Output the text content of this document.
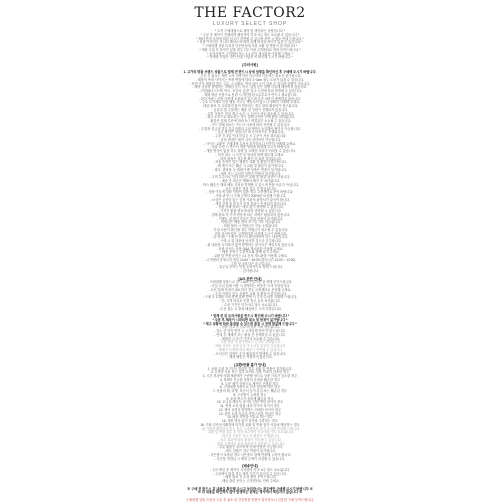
THE FACTOR2
LUXURY SELECT SHOP

* 오직 구매대행으로 제작 및 생산되는 상품입니다 *

* 주문 후 제작이 진행되며 배송까지 약 2~4주 정도 소요될 수 있습니다 *

* 해외 현지 사정에 따라 입고가 지연될 수 있으며 지연 시 별도 안내 드립니다 *

* 상품 이미지는 모니터 해상도에 따라 실제 색상과 차이가 있을 수 있습니다 *

* 구매대행 상품 특성상 단순변심에 의한 교환 및 반품이 불가합니다 *

* 제품 수령 후 하자가 있을 경우 7일 이내 고객센터로 연락 부탁드립니다 *

* 문의사항은 고객센터 또는 1:1 문의 게시판을 이용해 주세요 *

* 자세한 사항은 하단 안내 사항을 꼭 확인해 주시기 바랍니다 *

[주의사항]

1. 고가의 명품 브랜드 상품으로 결제 전 반드시 상세 설명을 확인하신 후 구매해 주시기 바랍니다.

- 주문 후 취소는 제작 시작 전까지만 가능하며 이후에는 취소가 불가합니다.

- 제품의 측정 사이즈는 측정 방법에 따라 1~3cm 정도 오차가 있을 수 있습니다.

- 천연 가죽 제품의 경우 주름, 스크래치, 색상 차이 등이 있을 수 있으며 불량이 아닙니다.

- 제작 공정상 발생하는 미세한 본드 자국, 실밥 등은 불량 사유에 해당하지 않습니다.

- 구성품(더스트백, 박스, 보증서 등)은 입고 시점에 따라 변경될 수 있습니다.

- 해외 배송 상품으로 통관 시 개인통관고유부호가 반드시 필요합니다.

- 관부가세는 상품 가격에 포함되어 있으며 추가 비용이 발생하지 않습니다.

- 주소 오기재로 인한 배송 사고는 책임지지 않으니 정확히 기재해 주세요.

- 배송 완료 후 수령하지 않아 반송되는 경우 왕복 배송비가 청구됩니다.

- 공휴일 및 주말에는 배송 및 상담이 진행되지 않습니다.

- 일부 상품은 현지 재고 소진 시 주문이 자동 취소될 수 있습니다.

- 재고 소진으로 취소되는 경우 결제 금액은 전액 환불 처리됩니다.

- 환불은 결제 수단에 따라 3~7 영업일이 소요될 수 있습니다.

- 카드 결제 취소는 카드사 사정에 따라 지연될 수 있습니다.

- 무통장 입금의 경우 입금자명과 주문자명이 동일해야 확인이 가능합니다.

- 입금 확인은 영업시간 내 순차적으로 진행됩니다.

- 주문 후 3일 이내 미입금 시 주문이 자동 취소됩니다.

- 옵션 변경은 제작 시작 전까지만 가능합니다.

- 사이즈 교환은 구매대행 특성상 불가하오니 신중히 선택해 주세요.

- 상품 수령 시 반드시 개봉 영상을 촬영해 주시기 바랍니다.

- 개봉 영상이 없을 경우 불량 및 오배송 처리가 어려울 수 있습니다.

- 하자 접수 시 사진 및 영상을 함께 첨부해 주세요.

- 하자 판정은 검수팀 확인 후 최종 결정됩니다.

- 착용 흔적이 있는 제품은 교환 및 환불이 불가합니다.

- 택 제거 또는 훼손 시 교환 및 환불이 불가합니다.

- 향수, 화장품 등 냄새가 밴 상품은 반품이 불가합니다.

- 세탁 또는 수선한 상품은 반품이 불가합니다.

- 고객 부주의로 인한 파손은 교환 및 환불 대상이 아닙니다.

- 배송 중 파손은 택배사 확인 후 처리됩니다.

- 박스 훼손은 해외 배송 특성상 발생할 수 있으며 반품 사유가 아닙니다.

- 모든 상품은 정품 검수 후 발송됩니다.

- 정품 여부에 대한 의심이 있을 경우 고객센터로 문의 바랍니다.

- 가품 판정 시 구매 금액의 200%를 보상해 드립니다.

- 보상은 공신력 있는 감정 기관의 판정서가 있어야 합니다.

- 개인 감정 및 비공식 감정 결과는 인정되지 않습니다.

- 상품 상세 정보는 예고 없이 변경될 수 있습니다.

- 가격은 환율 변동에 따라 변경될 수 있습니다.

- 결제 완료 후 가격 변동에 따른 차액은 환불되지 않습니다.

- 이벤트 및 할인 쿠폰은 중복 적용이 불가합니다.

- 적립금은 배송 완료 후 7일 이후 지급됩니다.

- 회원 탈퇴 시 적립금은 자동 소멸됩니다.

- 부정 사용이 확인될 경우 적립금이 회수될 수 있습니다.

- 기타 문의사항은 고객센터를 이용해 주시기 바랍니다.

- 본 안내는 구매 전 반드시 확인하셔야 하는 내용입니다.

- 구매 시 위 내용에 동의한 것으로 간주합니다.

- 위 내용을 숙지하지 않아 발생하는 불이익은 책임지지 않습니다.

- 상품 문의는 상품 Q&A 게시판을 이용해 주세요.

- 배송 문의는 주문번호와 함께 남겨 주세요.

- 교환 및 반품 문의는 1:1 문의 게시판을 이용해 주세요.

- 고객센터 운영시간 평일 10:00 ~ 18:00 (점심시간 12:00 ~ 13:00)

- 주말 및 공휴일은 휴무입니다.

- 휴무일 문의는 익일 순차적으로 답변 드립니다.

- 감사합니다.

[A/S 관련 안내]

- 구매대행 상품으로 공식 A/S가 불가한 점 양해 부탁드립니다.

- 사설 수선 업체 이용 시 발생하는 비용은 고객 부담입니다.

- 수선 업체 안내가 필요하신 경우 고객센터로 문의해 주세요.

- 수선 이력이 있는 상품은 교환 및 환불이 불가합니다.

- 구매 후 1개월 이내 봉제 불량 발생 시 무상 수선을 지원해 드립니다.

- 단, 고객 과실로 인한 경우 유상 처리됩니다.

- 수선 기간은 약 2~3주 정도 소요됩니다.

- 수선 접수 시 왕복 배송비는 고객 부담입니다.

* 결제 전 위 주의사항을 반드시 확인해 주시기 바랍니다 *

* 주문 후 제작이 시작되면 취소 및 변경이 불가합니다 *

* 재고 상황에 따라 품절될 수 있으며 품절 시 전액 환불해 드립니다 *

- 상품 입고 후 검수 과정을 거쳐 발송됩니다.

- 검수 중 하자 발견 시 고객님께 먼저 안내 드립니다.

- 안내 후 재제작 또는 환불 중 선택하실 수 있습니다.

- 재제작 시 추가 기간이 소요될 수 있습니다.

- 상품 발송 후 송장번호는 문자로 안내됩니다.

- 배송 조회는 송장 등록 후 1~2일 뒤부터 가능합니다.

- 택배사 사정에 따라 배송이 지연될 수 있습니다.

- 도서산간 지역은 추가 배송비가 발생할 수 있습니다.

- 해외 배송은 지원하지 않습니다.

[교환/반품 불가 안내]

1. 상품 수령 후 7일이 경과한 경우 교환 및 반품이 불가합니다.

2. 고객의 사용 또는 일부 소비로 상품 가치가 감소한 경우

3. 시간 경과에 의해 재판매가 곤란할 정도로 상품 가치가 감소한 경우

4. 복제가 가능한 상품의 포장을 훼손한 경우

5. 주문 제작 상품으로 제작이 진행된 경우

6. 구매대행 상품으로 단순 변심에 의한 경우

7. 상품의 택, 라벨, 보증서 등이 분실 또는 훼손된 경우

8. 구성품이 누락된 경우

9. 포장 박스가 심하게 훼손된 경우

10. 모니터 해상도 차이로 인한 색상 차이의 경우

11. 측정 오차 범위 내의 사이즈 차이의 경우

12. 제작 공정상 발생하는 미세한 차이의 경우

13. 천연 소재 특유의 자연스러운 현상인 경우

14. 배송 지연을 이유로 하는 경우

15. 개봉 영상 없이 하자를 주장하는 경우

16. 기타 전자상거래법에 의거한 교환 및 반품 불가 사유에 해당하는 경우

- 위 사항에 해당하지 않는 경우 고객센터로 문의 주시면 안내해 드립니다.

- 교환 및 반품 접수 후 상품 회수까지 약 3~5일 정도 소요됩니다.

- 회수된 상품은 검수 후 환불이 진행됩니다.

- 검수 결과에 따라 환불이 거부될 수 있습니다.

- 환불 금액에서 왕복 배송비가 차감될 수 있습니다.

- 부분 환불은 불가하며 전체 반품만 가능합니다.

- 세트 상품은 일부 반품이 불가합니다.

- 사은품이 포함된 경우 사은품도 함께 반품해 주셔야 합니다.

- 사은품 미반납 시 해당 금액이 차감될 수 있습니다.

[배송안내]

- 주문 확인 후 제작이 시작되며 약 2~4주 정도 소요됩니다.

- 주문량이 많을 경우 제작 기간이 길어질 수 있습니다.

- 배송 완료 후 수령 확인 부탁드립니다.

- 배송 관련 문의는 고객센터로 연락 주세요.

※ 구매 전 반드시 위 내용을 확인해 주시고 동의하시는 경우에만 구매해 주시기 바랍니다 ※

※ 위 내용을 확인하지 않아 발생하는 문제는 당사에서 책임지지 않습니다 ※

구매대행 상품 특성상 주문 후 취소 및 단순변심 반품이 불가하오니 신중한 구매 부탁드립니다.
